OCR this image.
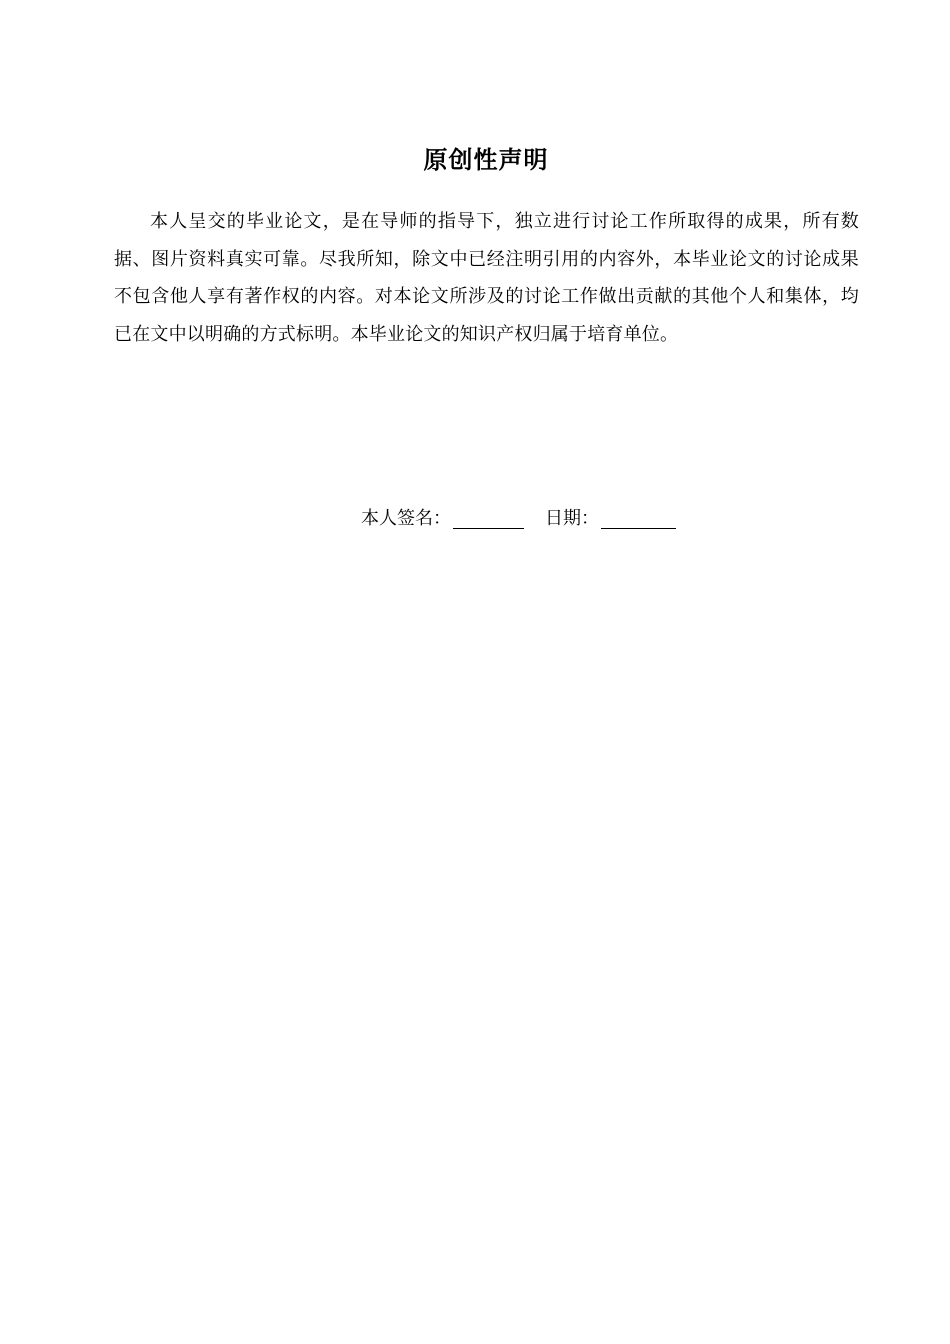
原创性声明

本人呈交的毕业论文，是在导师的指导下，独立进行讨论工作所取得的成果，所有数据、图片资料真实可靠。尽我所知，除文中已经注明引用的内容外，本毕业论文的讨论成果不包含他人享有著作权的内容。对本论文所涉及的讨论工作做出贡献的其他个人和集体，均已在文中以明确的方式标明。本毕业论文的知识产权归属于培育单位。

本人签名：	日期：
